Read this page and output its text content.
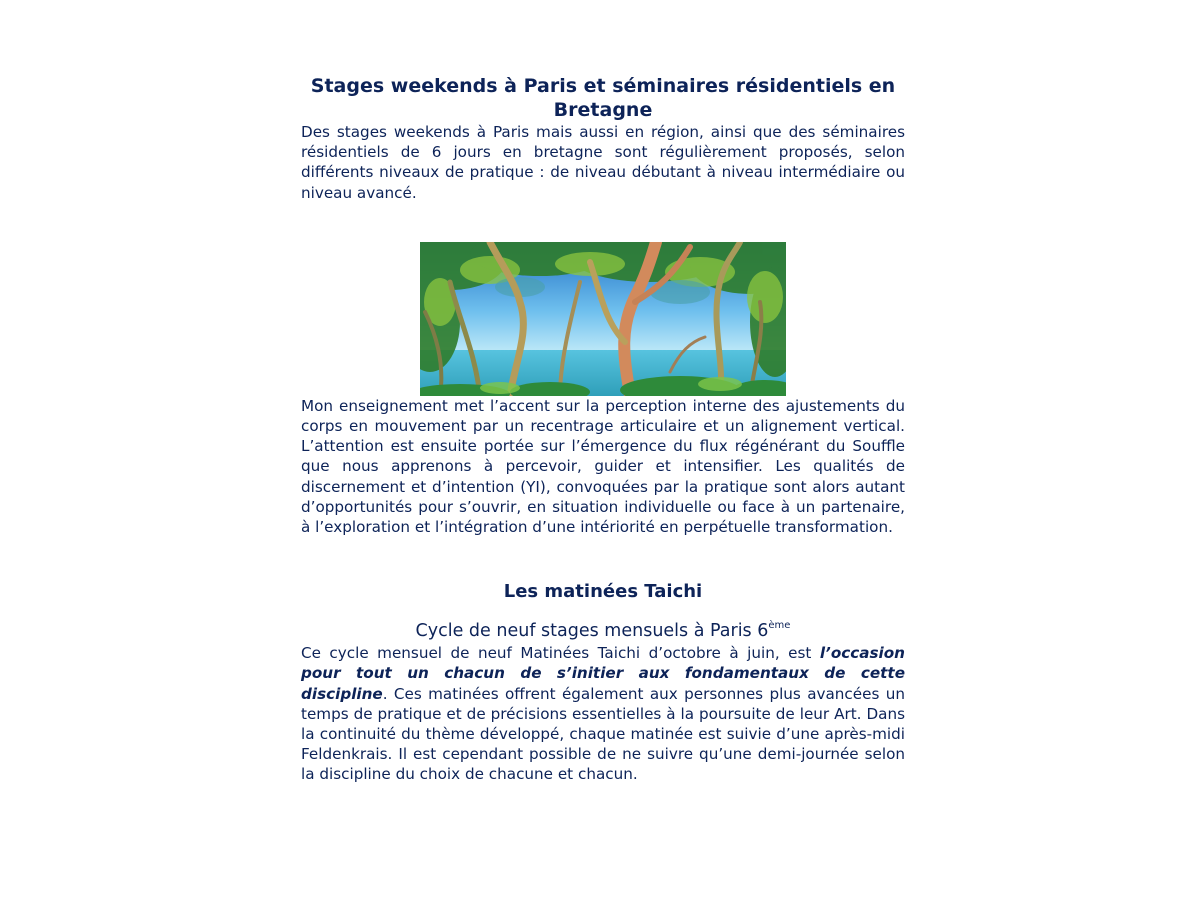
Stages weekends à Paris et séminaires résidentiels en Bretagne

Des stages weekends à Paris mais aussi en région, ainsi que des séminaires résidentiels de 6 jours en bretagne sont régulièrement proposés, selon différents niveaux de pratique : de niveau débutant à niveau intermédiaire ou niveau avancé.

Mon enseignement met l’accent sur la perception interne des ajustements du corps en mouvement par un recentrage articulaire et un alignement vertical. L’attention est ensuite portée sur l’émergence du flux régénérant du Souffle que nous apprenons à percevoir, guider et intensifier. Les qualités de discernement et d’intention (YI), convoquées par la pratique sont alors autant d’opportunités pour s’ouvrir, en situation individuelle ou face à un partenaire, à l’exploration et l’intégration d’une intériorité en perpétuelle transformation.

Les matinées Taichi
Cycle de neuf stages mensuels à Paris 6ème

Ce cycle mensuel de neuf Matinées Taichi d’octobre à juin, est l’occasion pour tout un chacun de s’initier aux fondamentaux de cette discipline. Ces matinées offrent également aux personnes plus avancées un temps de pratique et de précisions essentielles à la poursuite de leur Art. Dans la continuité du thème développé, chaque matinée est suivie d’une après-midi Feldenkrais. Il est cependant possible de ne suivre qu’une demi-journée selon la discipline du choix de chacune et chacun.
